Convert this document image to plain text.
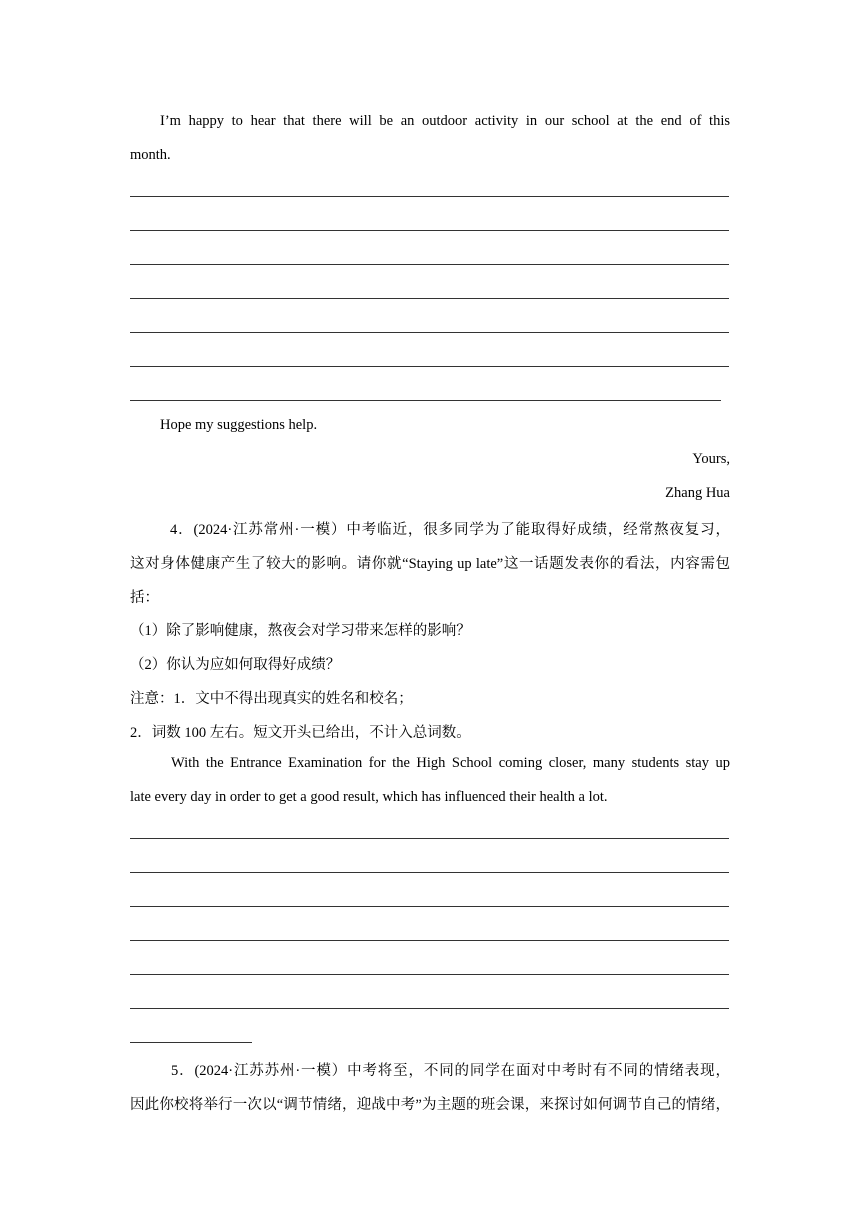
I’m happy to hear that there will be an outdoor activity in our school at the end of this
month.
Hope my suggestions help.
Yours,
Zhang Hua
4．(2024·江苏常州·一模）中考临近，很多同学为了能取得好成绩，经常熬夜复习，
这对身体健康产生了较大的影响。请你就“Staying up late”这一话题发表你的看法，内容需包
括：
（1）除了影响健康，熬夜会对学习带来怎样的影响？
（2）你认为应如何取得好成绩？
注意：1．文中不得出现真实的姓名和校名；
2．词数 100 左右。短文开头已给出，不计入总词数。
With the Entrance Examination for the High School coming closer, many students stay up
late every day in order to get a good result, which has influenced their health a lot.
5．(2024·江苏苏州·一模）中考将至，不同的同学在面对中考时有不同的情绪表现，
因此你校将举行一次以“调节情绪，迎战中考”为主题的班会课，来探讨如何调节自己的情绪，
